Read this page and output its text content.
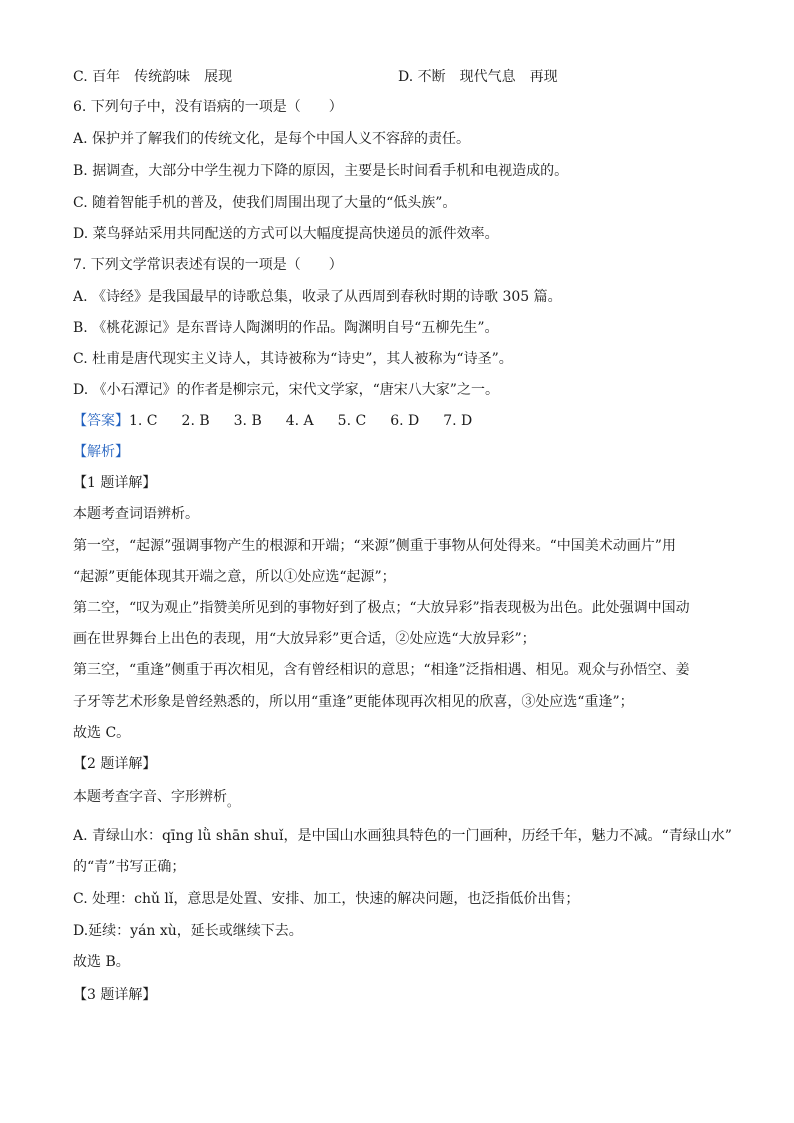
C. 百年　传统韵味　展现	D. 不断　现代气息　再现
6. 下列句子中，没有语病的一项是（　　）
A. 保护并了解我们的传统文化，是每个中国人义不容辞的责任。
B. 据调查，大部分中学生视力下降的原因，主要是长时间看手机和电视造成的。
C. 随着智能手机的普及，使我们周围出现了大量的“低头族”。
D. 菜鸟驿站采用共同配送的方式可以大幅度提高快递员的派件效率。
7. 下列文学常识表述有误的一项是（　　）
A. 《诗经》是我国最早的诗歌总集，收录了从西周到春秋时期的诗歌 305 篇。
B. 《桃花源记》是东晋诗人陶渊明的作品。陶渊明自号“五柳先生”。
C. 杜甫是唐代现实主义诗人，其诗被称为“诗史”，其人被称为“诗圣”。
D. 《小石潭记》的作者是柳宗元，宋代文学家，“唐宋八大家”之一。
【答案】1. C 2. B 3. B 4. A 5. C 6. D 7. D
【解析】
【1 题详解】
本题考查词语辨析。
第一空，“起源”强调事物产生的根源和开端；“来源”侧重于事物从何处得来。“中国美术动画片”用
“起源”更能体现其开端之意，所以①处应选“起源”；
第二空，“叹为观止”指赞美所见到的事物好到了极点；“大放异彩”指表现极为出色。此处强调中国动
画在世界舞台上出色的表现，用“大放异彩”更合适，②处应选“大放异彩”；
第三空，“重逢”侧重于再次相见，含有曾经相识的意思；“相逢”泛指相遇、相见。观众与孙悟空、姜
子牙等艺术形象是曾经熟悉的，所以用“重逢”更能体现再次相见的欣喜，③处应选“重逢”；
故选 C。
【2 题详解】
本题考查字音、字形辨析。
A. 青绿山水：qīng lǜ shān shuǐ，是中国山水画独具特色的一门画种，历经千年，魅力不减。“青绿山水”
的“青”书写正确；
C. 处理：chǔ lǐ，意思是处置、安排、加工，快速的解决问题，也泛指低价出售；
D.延续：yán xù，延长或继续下去。
故选 B。
【3 题详解】
